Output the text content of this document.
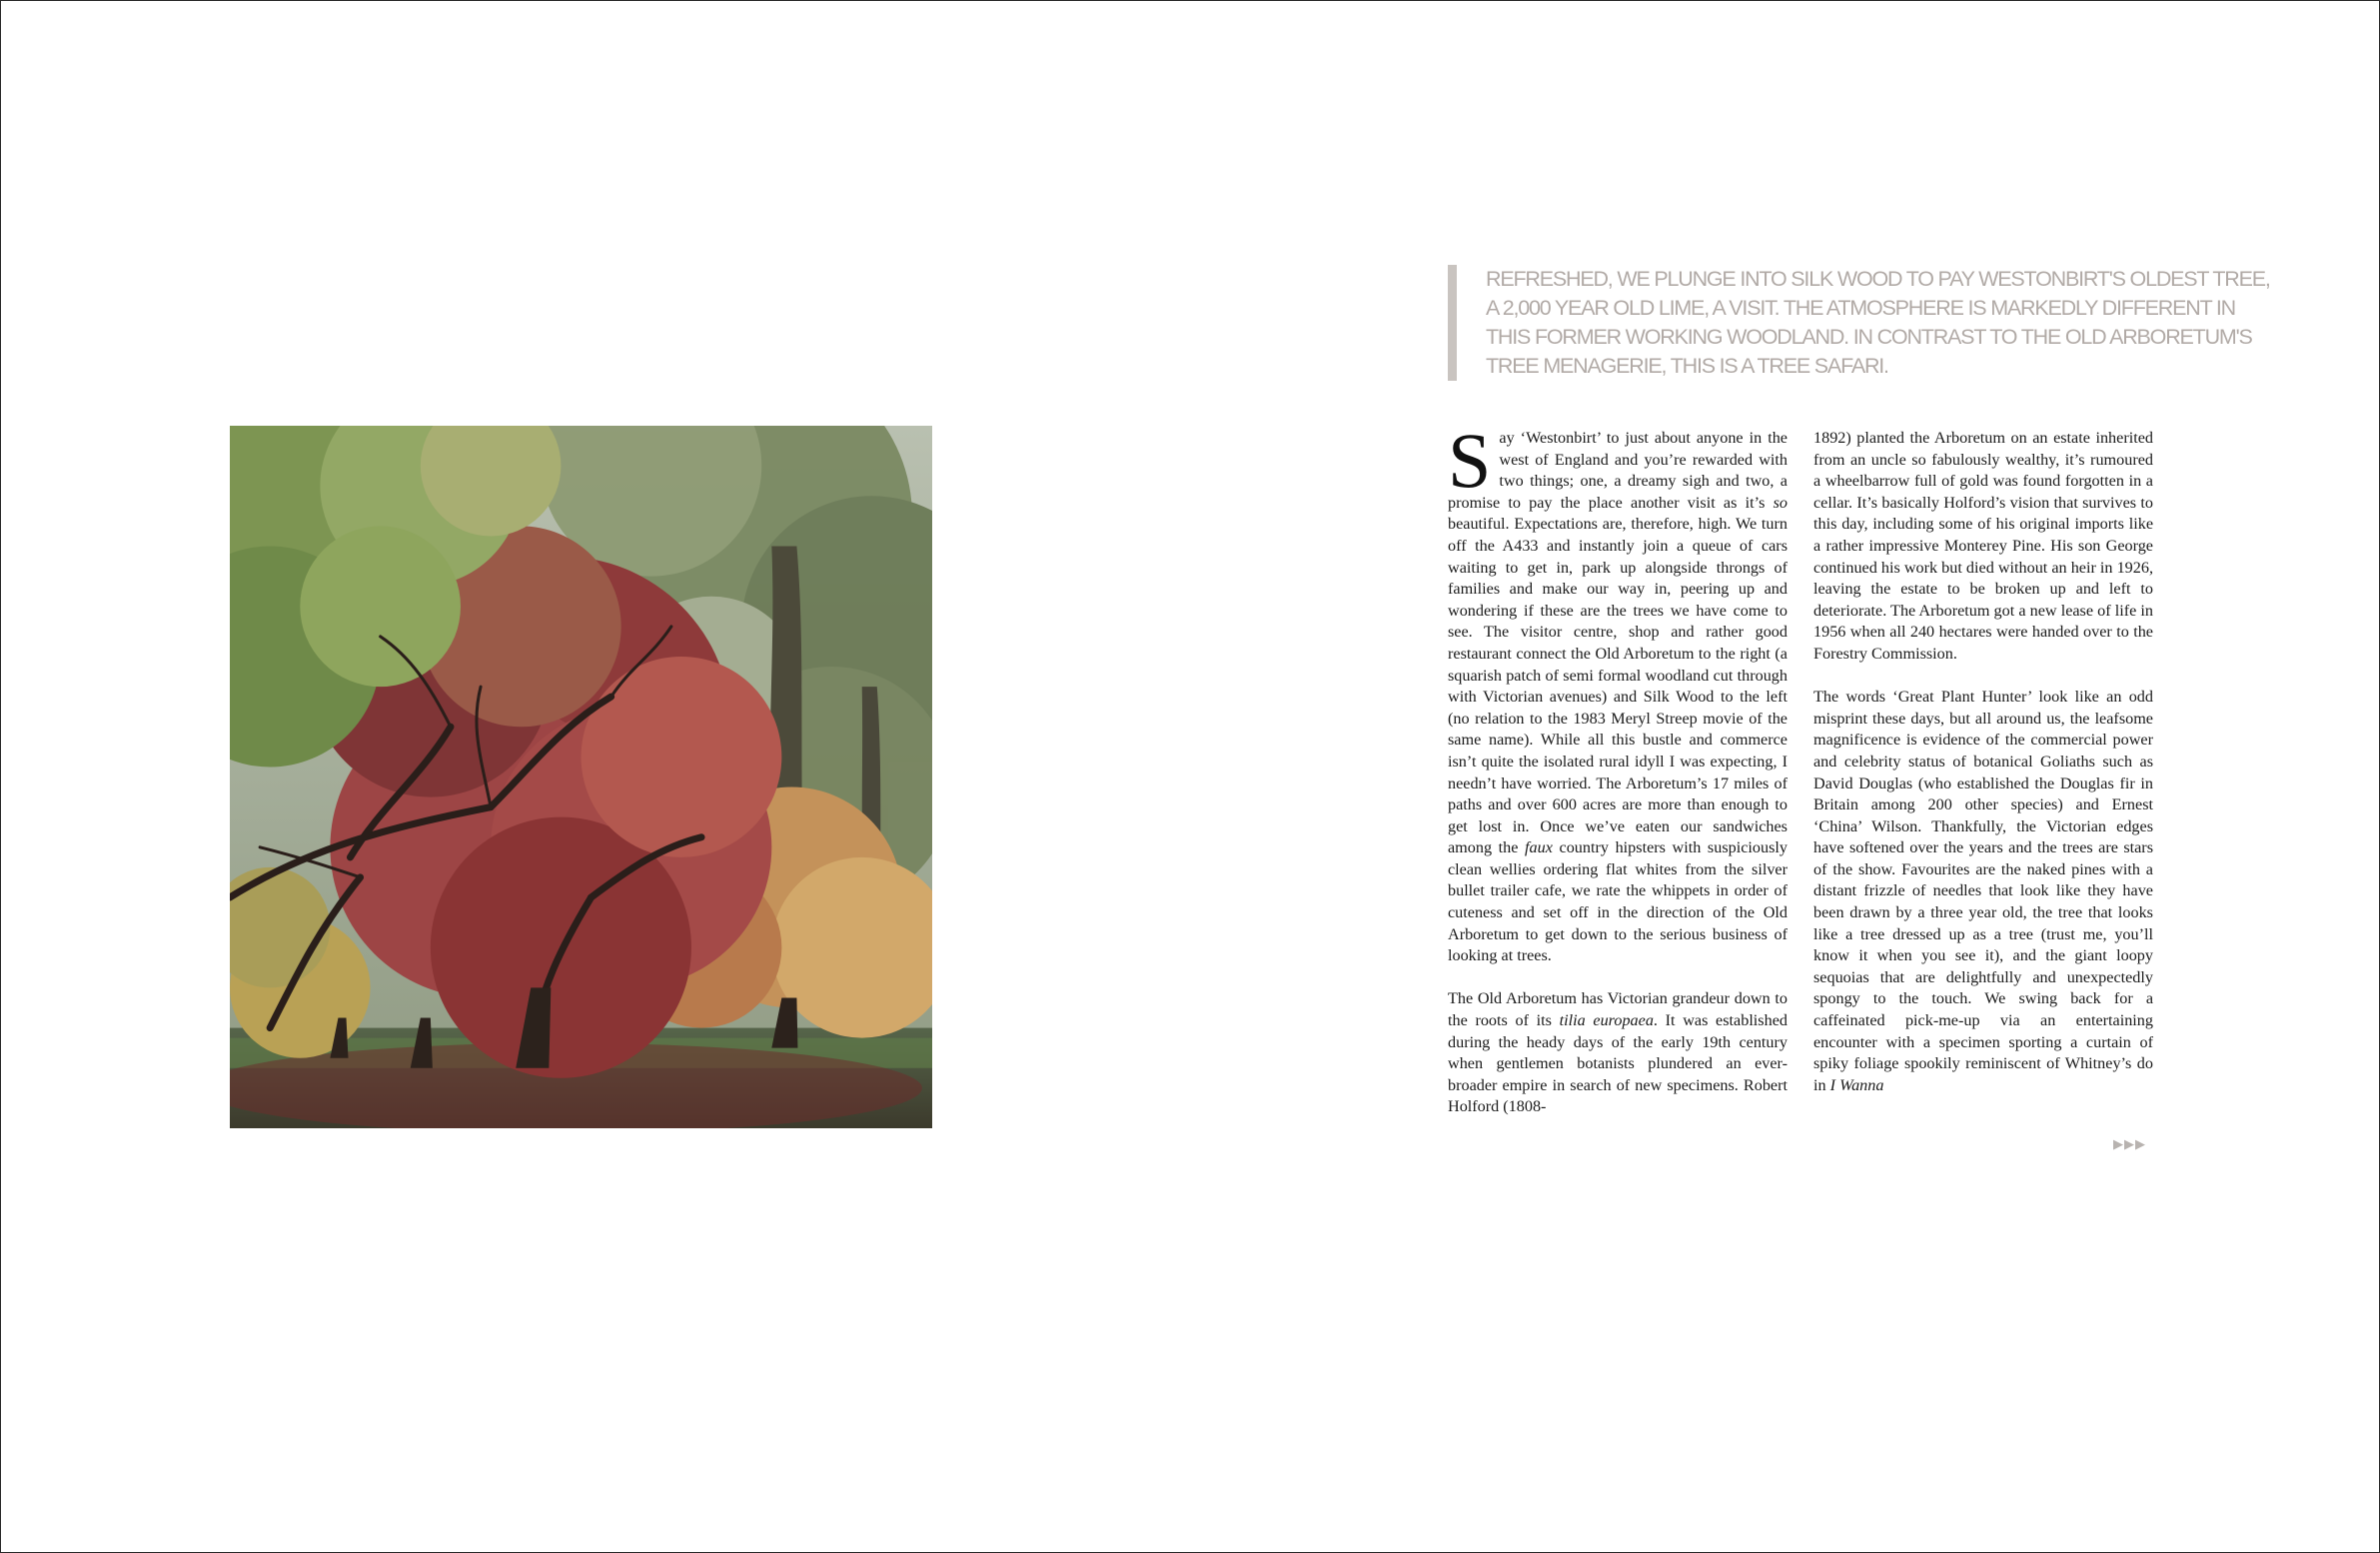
REFRESHED, WE PLUNGE INTO SILK WOOD TO PAY WESTONBIRT'S OLDEST TREE,
A 2,000 YEAR OLD LIME, A VISIT. THE ATMOSPHERE IS MARKEDLY DIFFERENT IN
THIS FORMER WORKING WOODLAND. IN CONTRAST TO THE OLD ARBORETUM'S
TREE MENAGERIE, THIS IS A TREE SAFARI.

Say ‘Westonbirt’ to just about anyone in the west of England and you’re rewarded with two things; one, a dreamy sigh and two, a promise to pay the place another visit as it’s so beautiful. Expectations are, therefore, high. We turn off the A433 and instantly join a queue of cars waiting to get in, park up alongside throngs of families and make our way in, peering up and wondering if these are the trees we have come to see. The visitor centre, shop and rather good restaurant connect the Old Arboretum to the right (a squarish patch of semi formal woodland cut through with Victorian avenues) and Silk Wood to the left (no relation to the 1983 Meryl Streep movie of the same name). While all this bustle and commerce isn’t quite the isolated rural idyll I was expecting, I needn’t have worried. The Arboretum’s 17 miles of paths and over 600 acres are more than enough to get lost in. Once we’ve eaten our sandwiches among the faux country hipsters with suspiciously clean wellies ordering flat whites from the silver bullet trailer cafe, we rate the whippets in order of cuteness and set off in the direction of the Old Arboretum to get down to the serious business of looking at trees.

The Old Arboretum has Victorian grandeur down to the roots of its tilia europaea. It was established during the heady days of the early 19th century when gentlemen botanists plundered an ever-broader empire in search of new specimens. Robert Holford (1808-

1892) planted the Arboretum on an estate inherited from an uncle so fabulously wealthy, it’s rumoured a wheelbarrow full of gold was found forgotten in a cellar. It’s basically Holford’s vision that survives to this day, including some of his original imports like a rather impressive Monterey Pine. His son George continued his work but died without an heir in 1926, leaving the estate to be broken up and left to deteriorate. The Arboretum got a new lease of life in 1956 when all 240 hectares were handed over to the Forestry Commission.

The words ‘Great Plant Hunter’ look like an odd misprint these days, but all around us, the leafsome magnificence is evidence of the commercial power and celebrity status of botanical Goliaths such as David Douglas (who established the Douglas fir in Britain among 200 other species) and Ernest ‘China’ Wilson. Thankfully, the Victorian edges have softened over the years and the trees are stars of the show. Favourites are the naked pines with a distant frizzle of needles that look like they have been drawn by a three year old, the tree that looks like a tree dressed up as a tree (trust me, you’ll know it when you see it), and the giant loopy sequoias that are delightfully and unexpectedly spongy to the touch. We swing back for a caffeinated pick-me-up via an entertaining encounter with a specimen sporting a curtain of spiky foliage spookily reminiscent of Whitney’s do in I Wanna

▶▶▶
